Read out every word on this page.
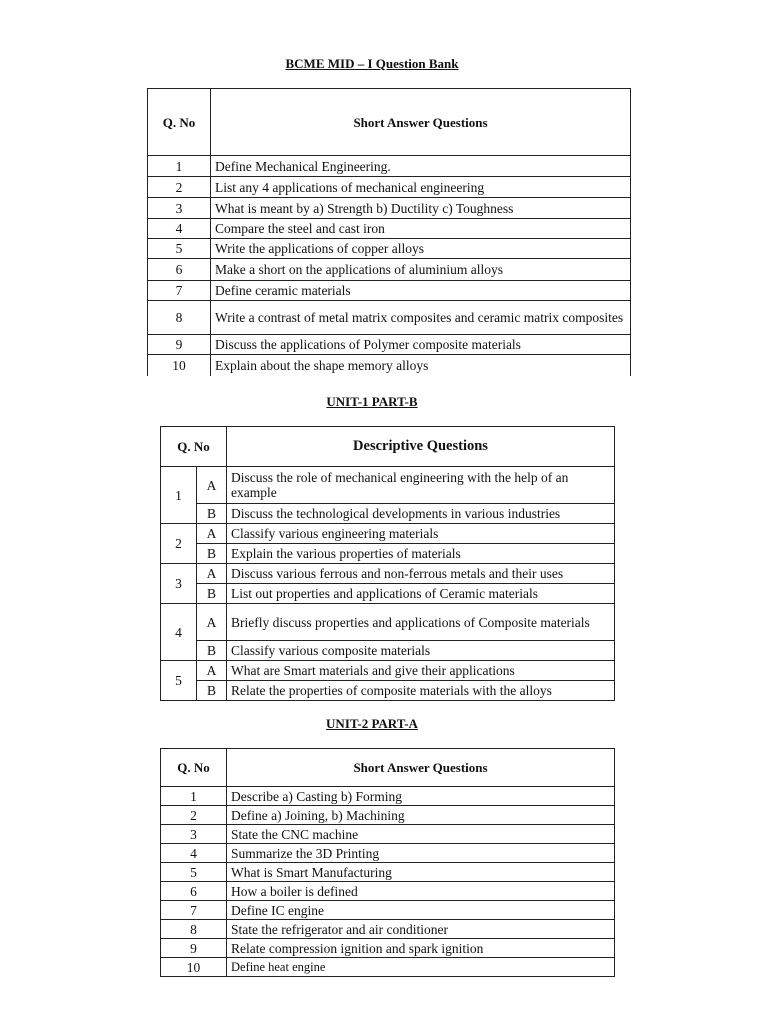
BCME MID – I Question Bank
Q. No	Short Answer Questions
1	Define Mechanical Engineering.
2	List any 4 applications of mechanical engineering
3	What is meant by a) Strength b) Ductility c) Toughness
4	Compare the steel and cast iron
5	Write the applications of copper alloys
6	Make a short on the applications of aluminium alloys
7	Define ceramic materials
8	Write a contrast of metal matrix composites and ceramic matrix composites
9	Discuss the applications of Polymer composite materials
10	Explain about the shape memory alloys
UNIT-1 PART-B
Q. No		Descriptive Questions
1	A	Discuss the role of mechanical engineering with the help of an example
	B	Discuss the technological developments in various industries
2	A	Classify various engineering materials
	B	Explain the various properties of materials
3	A	Discuss various ferrous and non-ferrous metals and their uses
	B	List out properties and applications of Ceramic materials
4	A	Briefly discuss properties and applications of Composite materials
	B	Classify various composite materials
5	A	What are Smart materials and give their applications
	B	Relate the properties of composite materials with the alloys
UNIT-2 PART-A
Q. No	Short Answer Questions
1	Describe a) Casting b) Forming
2	Define a) Joining, b) Machining
3	State the CNC machine
4	Summarize the 3D Printing
5	What is Smart Manufacturing
6	How a boiler is defined
7	Define IC engine
8	State the refrigerator and air conditioner
9	Relate compression ignition and spark ignition
10	Define heat engine
